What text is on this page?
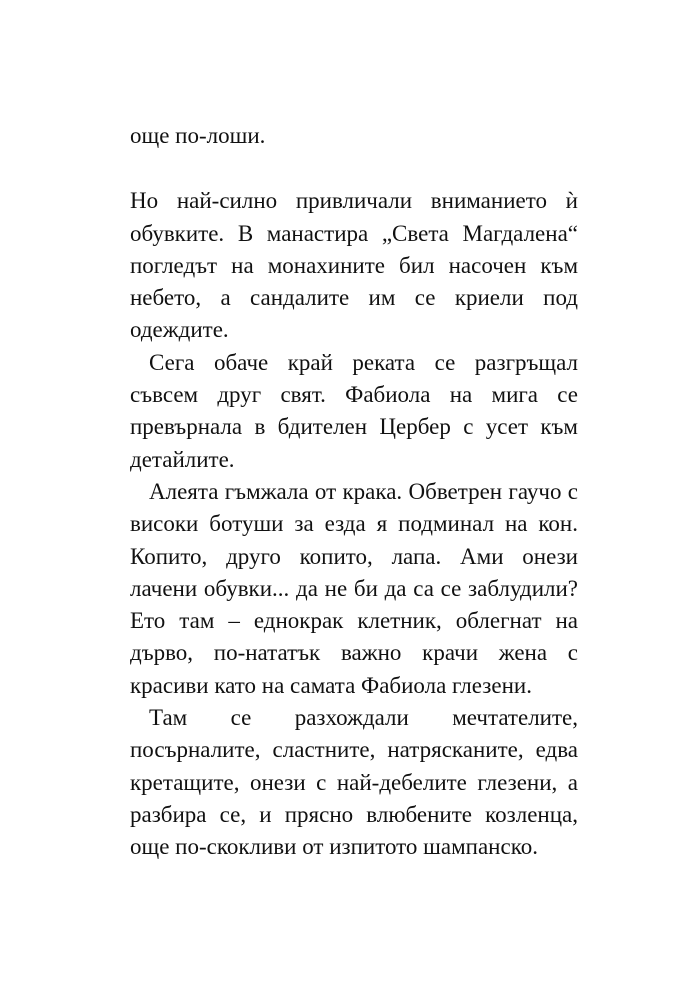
още по-лоши.

Но най-силно привличали вниманието ѝ обувките. В манастира „Света Магдалена“ погледът на монахините бил насочен към небето, а сандалите им се криели под одеждите.

Сега обаче край реката се разгръщал съвсем друг свят. Фабиола на мига се превърнала в бдителен Цербер с усет към детайлите.

Алеята гъмжала от крака. Обветрен гаучо с високи ботуши за езда я подминал на кон. Копито, друго копито, лапа. Ами онези лачени обувки... да не би да са се заблудили? Ето там – еднокрак клетник, облегнат на дърво, по-нататък важно крачи жена с красиви като на самата Фабиола глезени.

Там се разхождали мечтателите, посърналите, сластните, натрясканите, едва кретащите, онези с най-дебелите глезени, а разбира се, и прясно влюбените козленца, още по-скокливи от изпитото шампанско.
